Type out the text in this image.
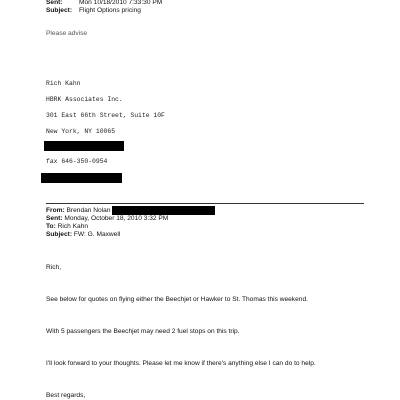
Sent:	Mon 10/18/2010 7:33:30 PM
Subject: Flight Options pricing
Please advise
Rich Kahn
HBRK Associates Inc.
301 East 66th Street, Suite 10F
New York, NY 10065
fax 646-350-0954
From: Brendan Nolan
Sent: Monday, October 18, 2010 3:32 PM
To: Rich Kahn
Subject: FW: G. Maxwell
Rich,
See below for quotes on flying either the Beechjet or Hawker to St. Thomas this weekend.
With 5 passengers the Beechjet may need 2 fuel stops on this trip.
I'll look forward to your thoughts. Please let me know if there's anything else I can do to help.
Best regards,
